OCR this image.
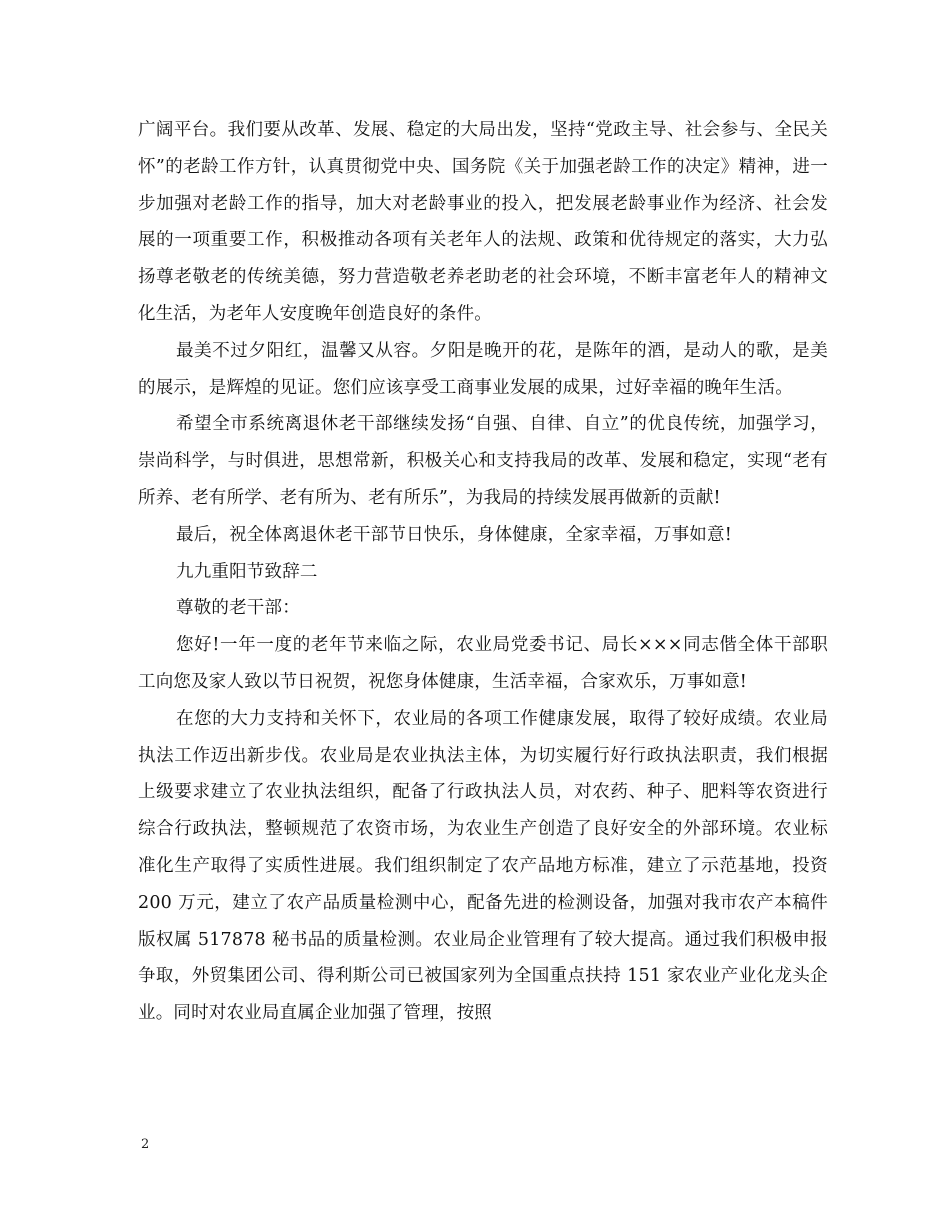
广阔平台。我们要从改革、发展、稳定的大局出发，坚持“党政主导、社会参与、全民关怀”的老龄工作方针，认真贯彻党中央、国务院《关于加强老龄工作的决定》精神，进一步加强对老龄工作的指导，加大对老龄事业的投入，把发展老龄事业作为经济、社会发展的一项重要工作，积极推动各项有关老年人的法规、政策和优待规定的落实，大力弘扬尊老敬老的传统美德，努力营造敬老养老助老的社会环境，不断丰富老年人的精神文化生活，为老年人安度晚年创造良好的条件。

最美不过夕阳红，温馨又从容。夕阳是晚开的花，是陈年的酒，是动人的歌，是美的展示，是辉煌的见证。您们应该享受工商事业发展的成果，过好幸福的晚年生活。

希望全市系统离退休老干部继续发扬“自强、自律、自立”的优良传统，加强学习，崇尚科学，与时俱进，思想常新，积极关心和支持我局的改革、发展和稳定，实现“老有所养、老有所学、老有所为、老有所乐”，为我局的持续发展再做新的贡献!

最后，祝全体离退休老干部节日快乐，身体健康，全家幸福，万事如意!

九九重阳节致辞二

尊敬的老干部：

您好!一年一度的老年节来临之际，农业局党委书记、局长×××同志偕全体干部职工向您及家人致以节日祝贺，祝您身体健康，生活幸福，合家欢乐，万事如意!

在您的大力支持和关怀下，农业局的各项工作健康发展，取得了较好成绩。农业局执法工作迈出新步伐。农业局是农业执法主体，为切实履行好行政执法职责，我们根据上级要求建立了农业执法组织，配备了行政执法人员，对农药、种子、肥料等农资进行综合行政执法，整顿规范了农资市场，为农业生产创造了良好安全的外部环境。农业标准化生产取得了实质性进展。我们组织制定了农产品地方标准，建立了示范基地，投资 200 万元，建立了农产品质量检测中心，配备先进的检测设备，加强对我市农产本稿件版权属 517878 秘书品的质量检测。农业局企业管理有了较大提高。通过我们积极申报争取，外贸集团公司、得利斯公司已被国家列为全国重点扶持 151 家农业产业化龙头企业。同时对农业局直属企业加强了管理，按照

2
